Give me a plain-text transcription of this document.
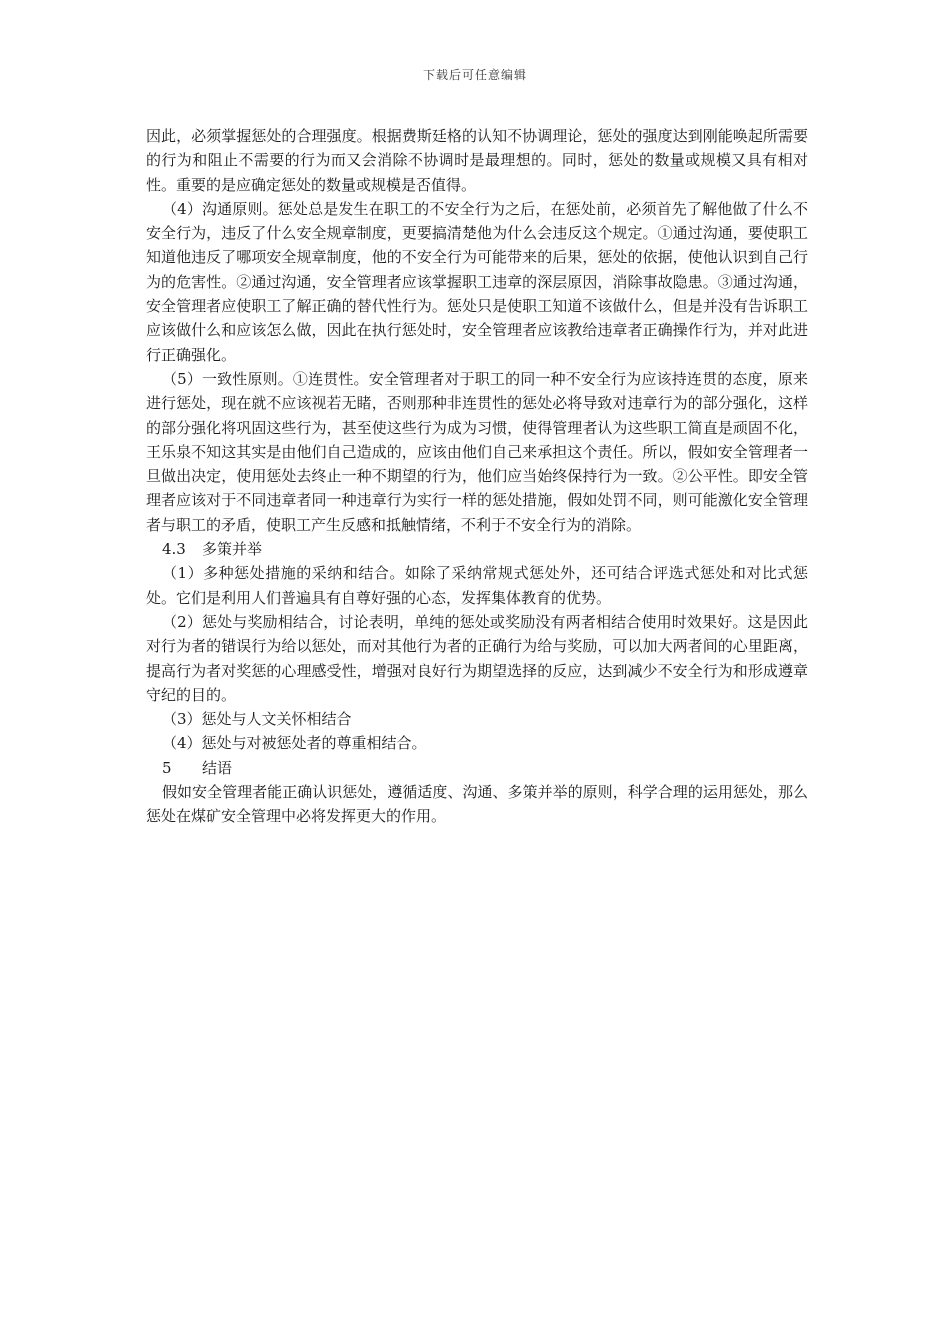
下载后可任意编辑

因此，必须掌握惩处的合理强度。根据费斯廷格的认知不协调理论，惩处的强度达到刚能唤起所需要的行为和阻止不需要的行为而又会消除不协调时是最理想的。同时，惩处的数量或规模又具有相对性。重要的是应确定惩处的数量或规模是否值得。

（4）沟通原则。惩处总是发生在职工的不安全行为之后，在惩处前，必须首先了解他做了什么不安全行为，违反了什么安全规章制度，更要搞清楚他为什么会违反这个规定。①通过沟通，要使职工知道他违反了哪项安全规章制度，他的不安全行为可能带来的后果，惩处的依据，使他认识到自己行为的危害性。②通过沟通，安全管理者应该掌握职工违章的深层原因，消除事故隐患。③通过沟通，安全管理者应使职工了解正确的替代性行为。惩处只是使职工知道不该做什么，但是并没有告诉职工应该做什么和应该怎么做，因此在执行惩处时，安全管理者应该教给违章者正确操作行为，并对此进行正确强化。

（5）一致性原则。①连贯性。安全管理者对于职工的同一种不安全行为应该持连贯的态度，原来进行惩处，现在就不应该视若无睹，否则那种非连贯性的惩处必将导致对违章行为的部分强化，这样的部分强化将巩固这些行为，甚至使这些行为成为习惯，使得管理者认为这些职工简直是顽固不化，王乐泉不知这其实是由他们自己造成的，应该由他们自己来承担这个责任。所以，假如安全管理者一旦做出决定，使用惩处去终止一种不期望的行为，他们应当始终保持行为一致。②公平性。即安全管理者应该对于不同违章者同一种违章行为实行一样的惩处措施，假如处罚不同，则可能激化安全管理者与职工的矛盾，使职工产生反感和抵触情绪，不利于不安全行为的消除。

4.3 多策并举

（1）多种惩处措施的采纳和结合。如除了采纳常规式惩处外，还可结合评选式惩处和对比式惩处。它们是利用人们普遍具有自尊好强的心态，发挥集体教育的优势。

（2）惩处与奖励相结合，讨论表明，单纯的惩处或奖励没有两者相结合使用时效果好。这是因此对行为者的错误行为给以惩处，而对其他行为者的正确行为给与奖励，可以加大两者间的心里距离，提高行为者对奖惩的心理感受性，增强对良好行为期望选择的反应，达到减少不安全行为和形成遵章守纪的目的。

（3）惩处与人文关怀相结合

（4）惩处与对被惩处者的尊重相结合。

5 结语

假如安全管理者能正确认识惩处，遵循适度、沟通、多策并举的原则，科学合理的运用惩处，那么惩处在煤矿安全管理中必将发挥更大的作用。
